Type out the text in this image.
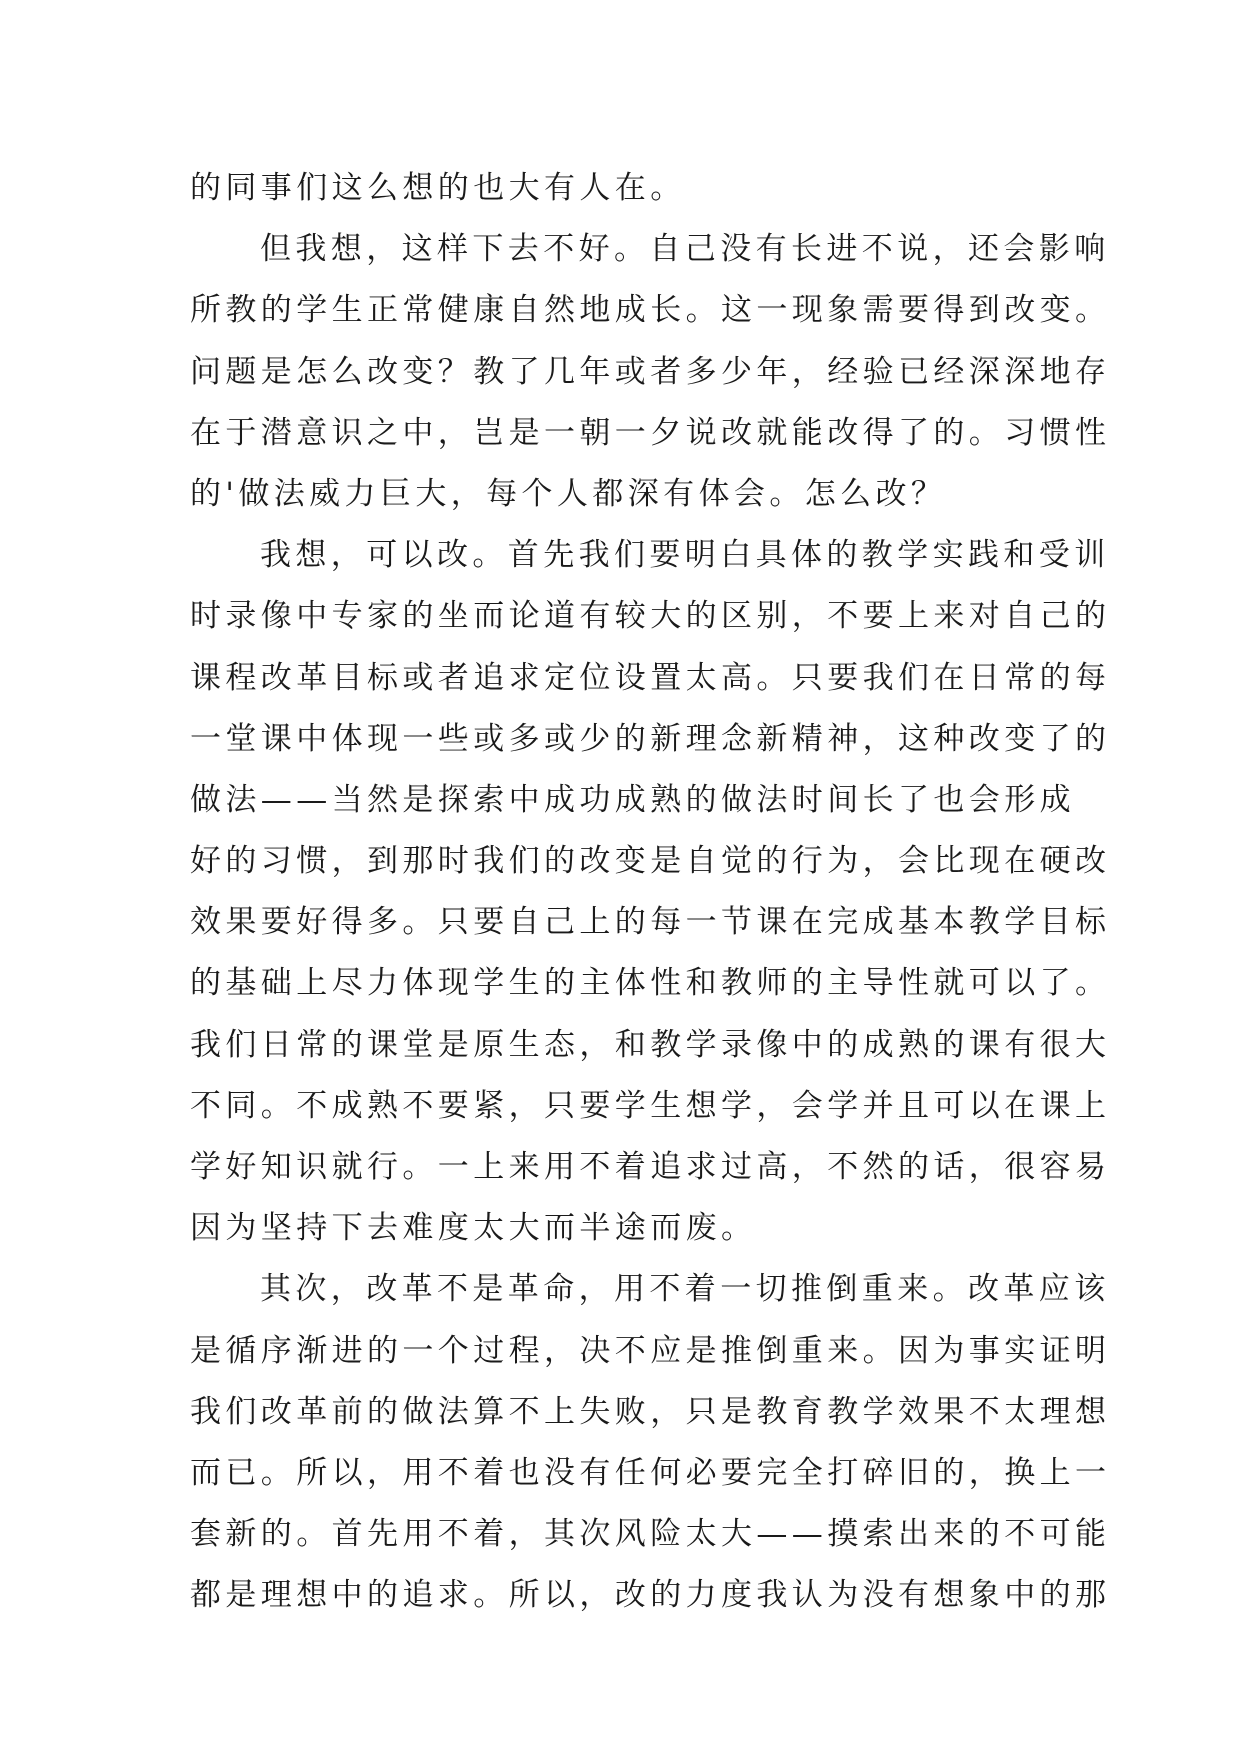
的同事们这么想的也大有人在。
但我想，这样下去不好。自己没有长进不说，还会影响
所教的学生正常健康自然地成长。这一现象需要得到改变。
问题是怎么改变？教了几年或者多少年，经验已经深深地存
在于潜意识之中，岂是一朝一夕说改就能改得了的。习惯性
的'做法威力巨大，每个人都深有体会。怎么改？
我想，可以改。首先我们要明白具体的教学实践和受训
时录像中专家的坐而论道有较大的区别，不要上来对自己的
课程改革目标或者追求定位设置太高。只要我们在日常的每
一堂课中体现一些或多或少的新理念新精神，这种改变了的
做法——当然是探索中成功成熟的做法时间长了也会形成
好的习惯，到那时我们的改变是自觉的行为，会比现在硬改
效果要好得多。只要自己上的每一节课在完成基本教学目标
的基础上尽力体现学生的主体性和教师的主导性就可以了。
我们日常的课堂是原生态，和教学录像中的成熟的课有很大
不同。不成熟不要紧，只要学生想学，会学并且可以在课上
学好知识就行。一上来用不着追求过高，不然的话，很容易
因为坚持下去难度太大而半途而废。
其次，改革不是革命，用不着一切推倒重来。改革应该
是循序渐进的一个过程，决不应是推倒重来。因为事实证明
我们改革前的做法算不上失败，只是教育教学效果不太理想
而已。所以，用不着也没有任何必要完全打碎旧的，换上一
套新的。首先用不着，其次风险太大——摸索出来的不可能
都是理想中的追求。所以，改的力度我认为没有想象中的那
